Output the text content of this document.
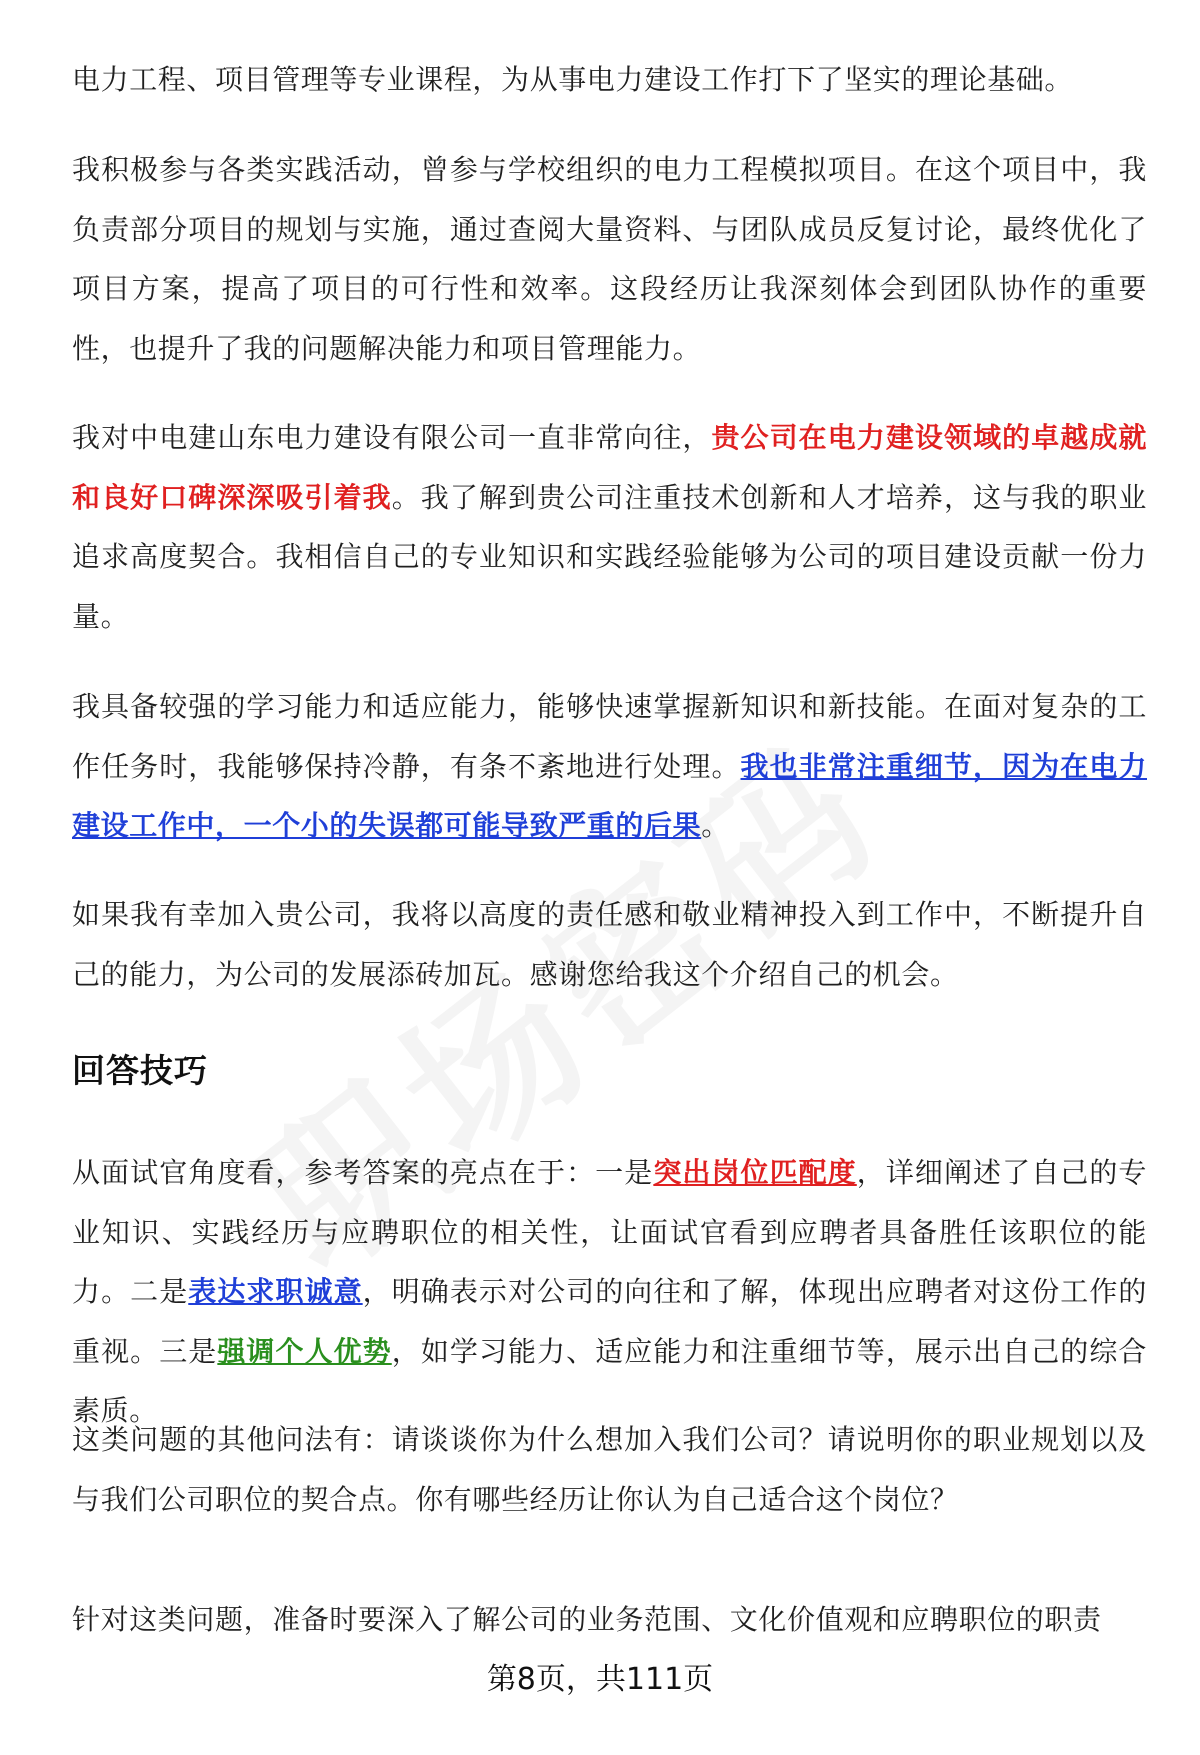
电力工程、项目管理等专业课程，为从事电力建设工作打下了坚实的理论基础。

我积极参与各类实践活动，曾参与学校组织的电力工程模拟项目。在这个项目中，我负责部分项目的规划与实施，通过查阅大量资料、与团队成员反复讨论，最终优化了项目方案，提高了项目的可行性和效率。这段经历让我深刻体会到团队协作的重要性，也提升了我的问题解决能力和项目管理能力。

我对中电建山东电力建设有限公司一直非常向往，贵公司在电力建设领域的卓越成就和良好口碑深深吸引着我。我了解到贵公司注重技术创新和人才培养，这与我的职业追求高度契合。我相信自己的专业知识和实践经验能够为公司的项目建设贡献一份力量。

我具备较强的学习能力和适应能力，能够快速掌握新知识和新技能。在面对复杂的工作任务时，我能够保持冷静，有条不紊地进行处理。我也非常注重细节，因为在电力建设工作中，一个小的失误都可能导致严重的后果。

如果我有幸加入贵公司，我将以高度的责任感和敬业精神投入到工作中，不断提升自己的能力，为公司的发展添砖加瓦。感谢您给我这个介绍自己的机会。

回答技巧

从面试官角度看，参考答案的亮点在于：一是突出岗位匹配度，详细阐述了自己的专业知识、实践经历与应聘职位的相关性，让面试官看到应聘者具备胜任该职位的能力。二是表达求职诚意，明确表示对公司的向往和了解，体现出应聘者对这份工作的重视。三是强调个人优势，如学习能力、适应能力和注重细节等，展示出自己的综合素质。

这类问题的其他问法有：请谈谈你为什么想加入我们公司？请说明你的职业规划以及与我们公司职位的契合点。你有哪些经历让你认为自己适合这个岗位？

针对这类问题，准备时要深入了解公司的业务范围、文化价值观和应聘职位的职责

第8页，共111页
